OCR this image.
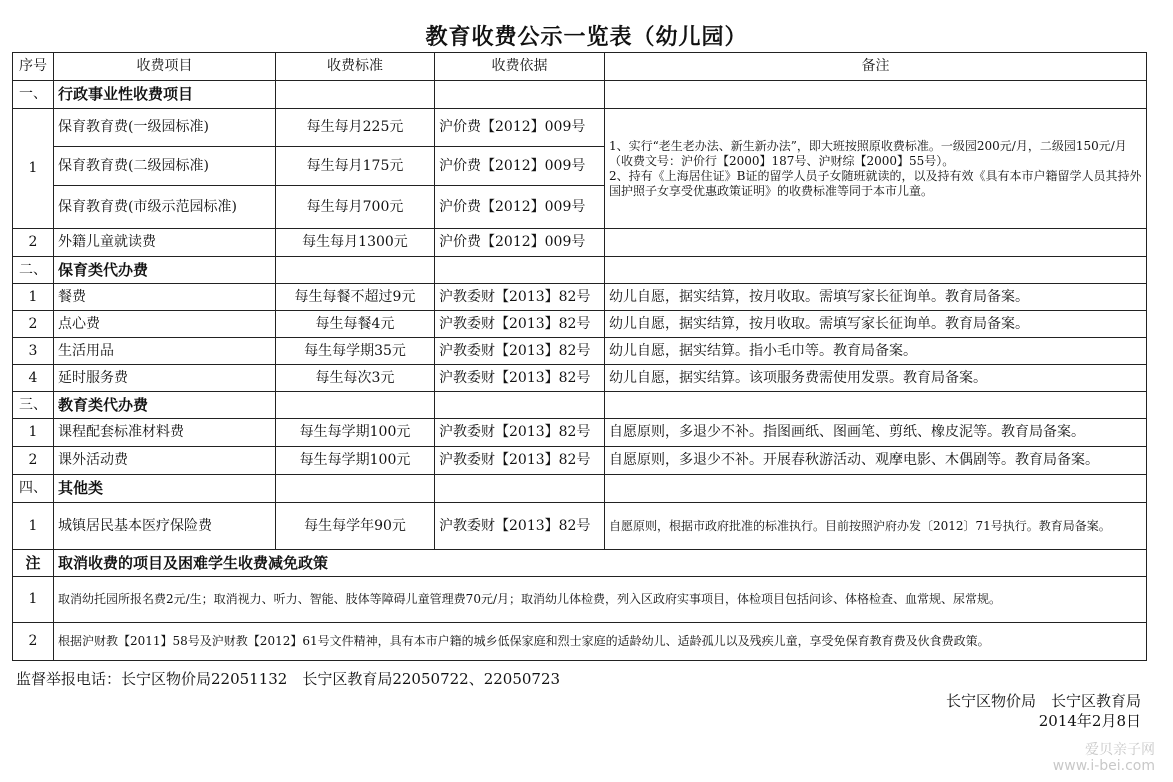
教育收费公示一览表（幼儿园）
序号	收费项目	收费标准	收费依据	备注
一、	行政事业性收费项目			
1	保育教育费(一级园标准)	每生每月225元	沪价费【2012】009号	1、实行“老生老办法、新生新办法”，即大班按照原收费标准。一级园200元/月，二级园150元/月（收费文号：沪价行【2000】187号、沪财综【2000】55号）。
2、持有《上海居住证》B证的留学人员子女随班就读的，以及持有效《具有本市户籍留学人员其持外国护照子女享受优惠政策证明》的收费标准等同于本市儿童。

	保育教育费(二级园标准)	每生每月175元	沪价费【2012】009号	
	保育教育费(市级示范园标准)	每生每月700元	沪价费【2012】009号	
2	外籍儿童就读费	每生每月1300元	沪价费【2012】009号	
二、	保育类代办费			
1	餐费	每生每餐不超过9元	沪教委财【2013】82号	幼儿自愿，据实结算，按月收取。需填写家长征询单。教育局备案。
2	点心费	每生每餐4元	沪教委财【2013】82号	幼儿自愿，据实结算，按月收取。需填写家长征询单。教育局备案。
3	生活用品	每生每学期35元	沪教委财【2013】82号	幼儿自愿，据实结算。指小毛巾等。教育局备案。
4	延时服务费	每生每次3元	沪教委财【2013】82号	幼儿自愿，据实结算。该项服务费需使用发票。教育局备案。
三、	教育类代办费			
1	课程配套标准材料费	每生每学期100元	沪教委财【2013】82号	自愿原则，多退少不补。指图画纸、图画笔、剪纸、橡皮泥等。教育局备案。
2	课外活动费	每生每学期100元	沪教委财【2013】82号	自愿原则，多退少不补。开展春秋游活动、观摩电影、木偶剧等。教育局备案。
四、	其他类			
1	城镇居民基本医疗保险费	每生每学年90元	沪教委财【2013】82号	自愿原则，根据市政府批准的标准执行。目前按照沪府办发〔2012〕71号执行。教育局备案。
注	取消收费的项目及困难学生收费减免政策			
1	取消幼托园所报名费2元/生；取消视力、听力、智能、肢体等障碍儿童管理费70元/月；取消幼儿体检费，列入区政府实事项目，体检项目包括问诊、体格检查、血常规、尿常规。			
2	根据沪财教【2011】58号及沪财教【2012】61号文件精神，具有本市户籍的城乡低保家庭和烈士家庭的适龄幼儿、适龄孤儿以及残疾儿童，享受免保育教育费及伙食费政策。			
监督举报电话：长宁区物价局22051132　长宁区教育局22050722、22050723
长宁区物价局　长宁区教育局
2014年2月8日
爱贝亲子网
www.i-bei.com
